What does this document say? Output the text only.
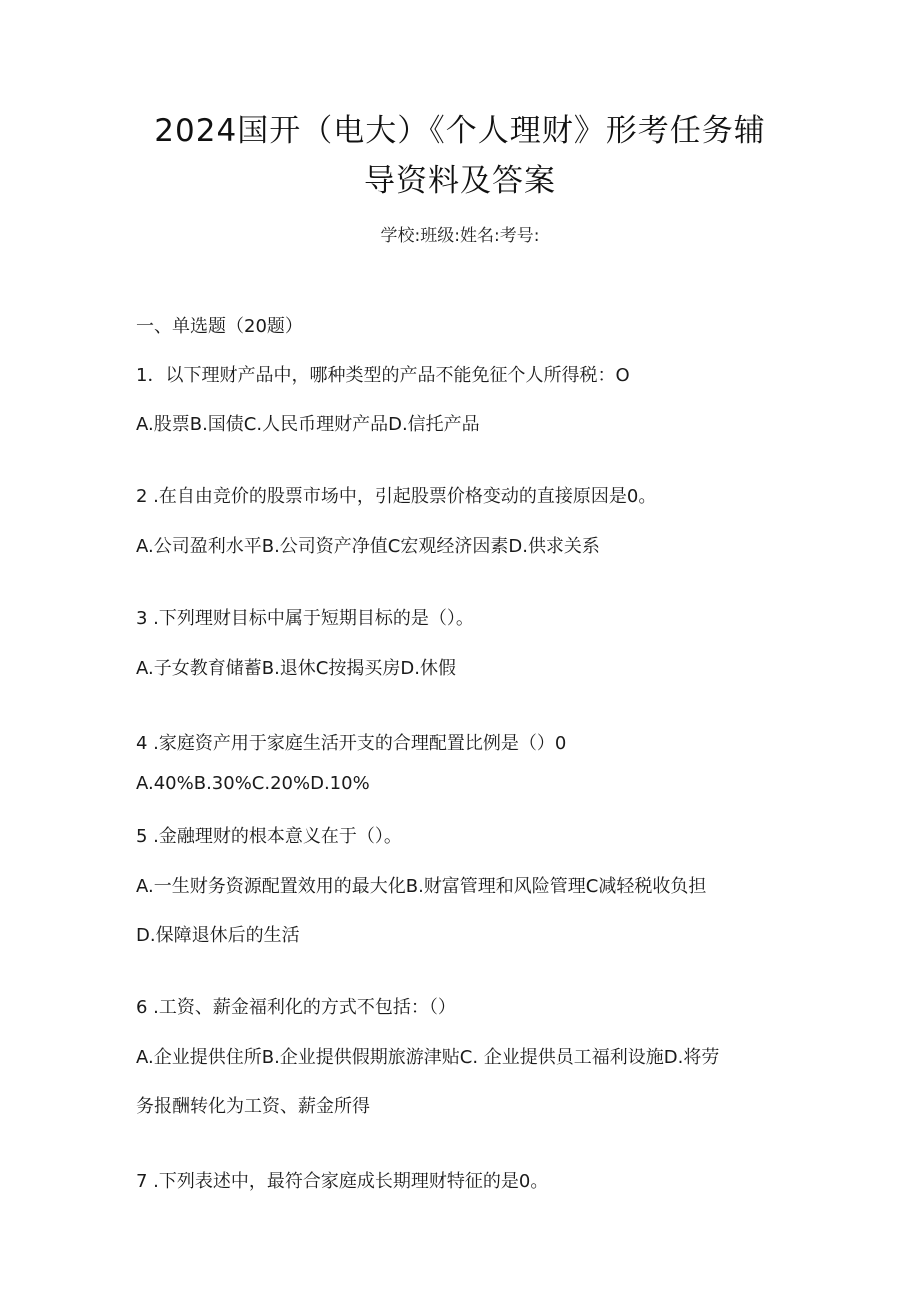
2024国开（电大）《个人理财》形考任务辅
导资料及答案
学校:班级:姓名:考号:
一、单选题（20题）
1．以下理财产品中，哪种类型的产品不能免征个人所得税：O
A.股票B.国债C.人民币理财产品D.信托产品
2 .在自由竞价的股票市场中，引起股票价格变动的直接原因是0。
A.公司盈利水平B.公司资产净值C宏观经济因素D.供求关系
3 .下列理财目标中属于短期目标的是（）。
A.子女教育储蓄B.退休C按揭买房D.休假
4 .家庭资产用于家庭生活开支的合理配置比例是（）0
A.40%B.30%C.20%D.10%
5 .金融理财的根本意义在于（）。
A.一生财务资源配置效用的最大化B.财富管理和风险管理C减轻税收负担
D.保障退休后的生活
6 .工资、薪金福利化的方式不包括：（）
A.企业提供住所B.企业提供假期旅游津贴C. 企业提供员工福利设施D.将劳
务报酬转化为工资、薪金所得
7 .下列表述中，最符合家庭成长期理财特征的是0。
